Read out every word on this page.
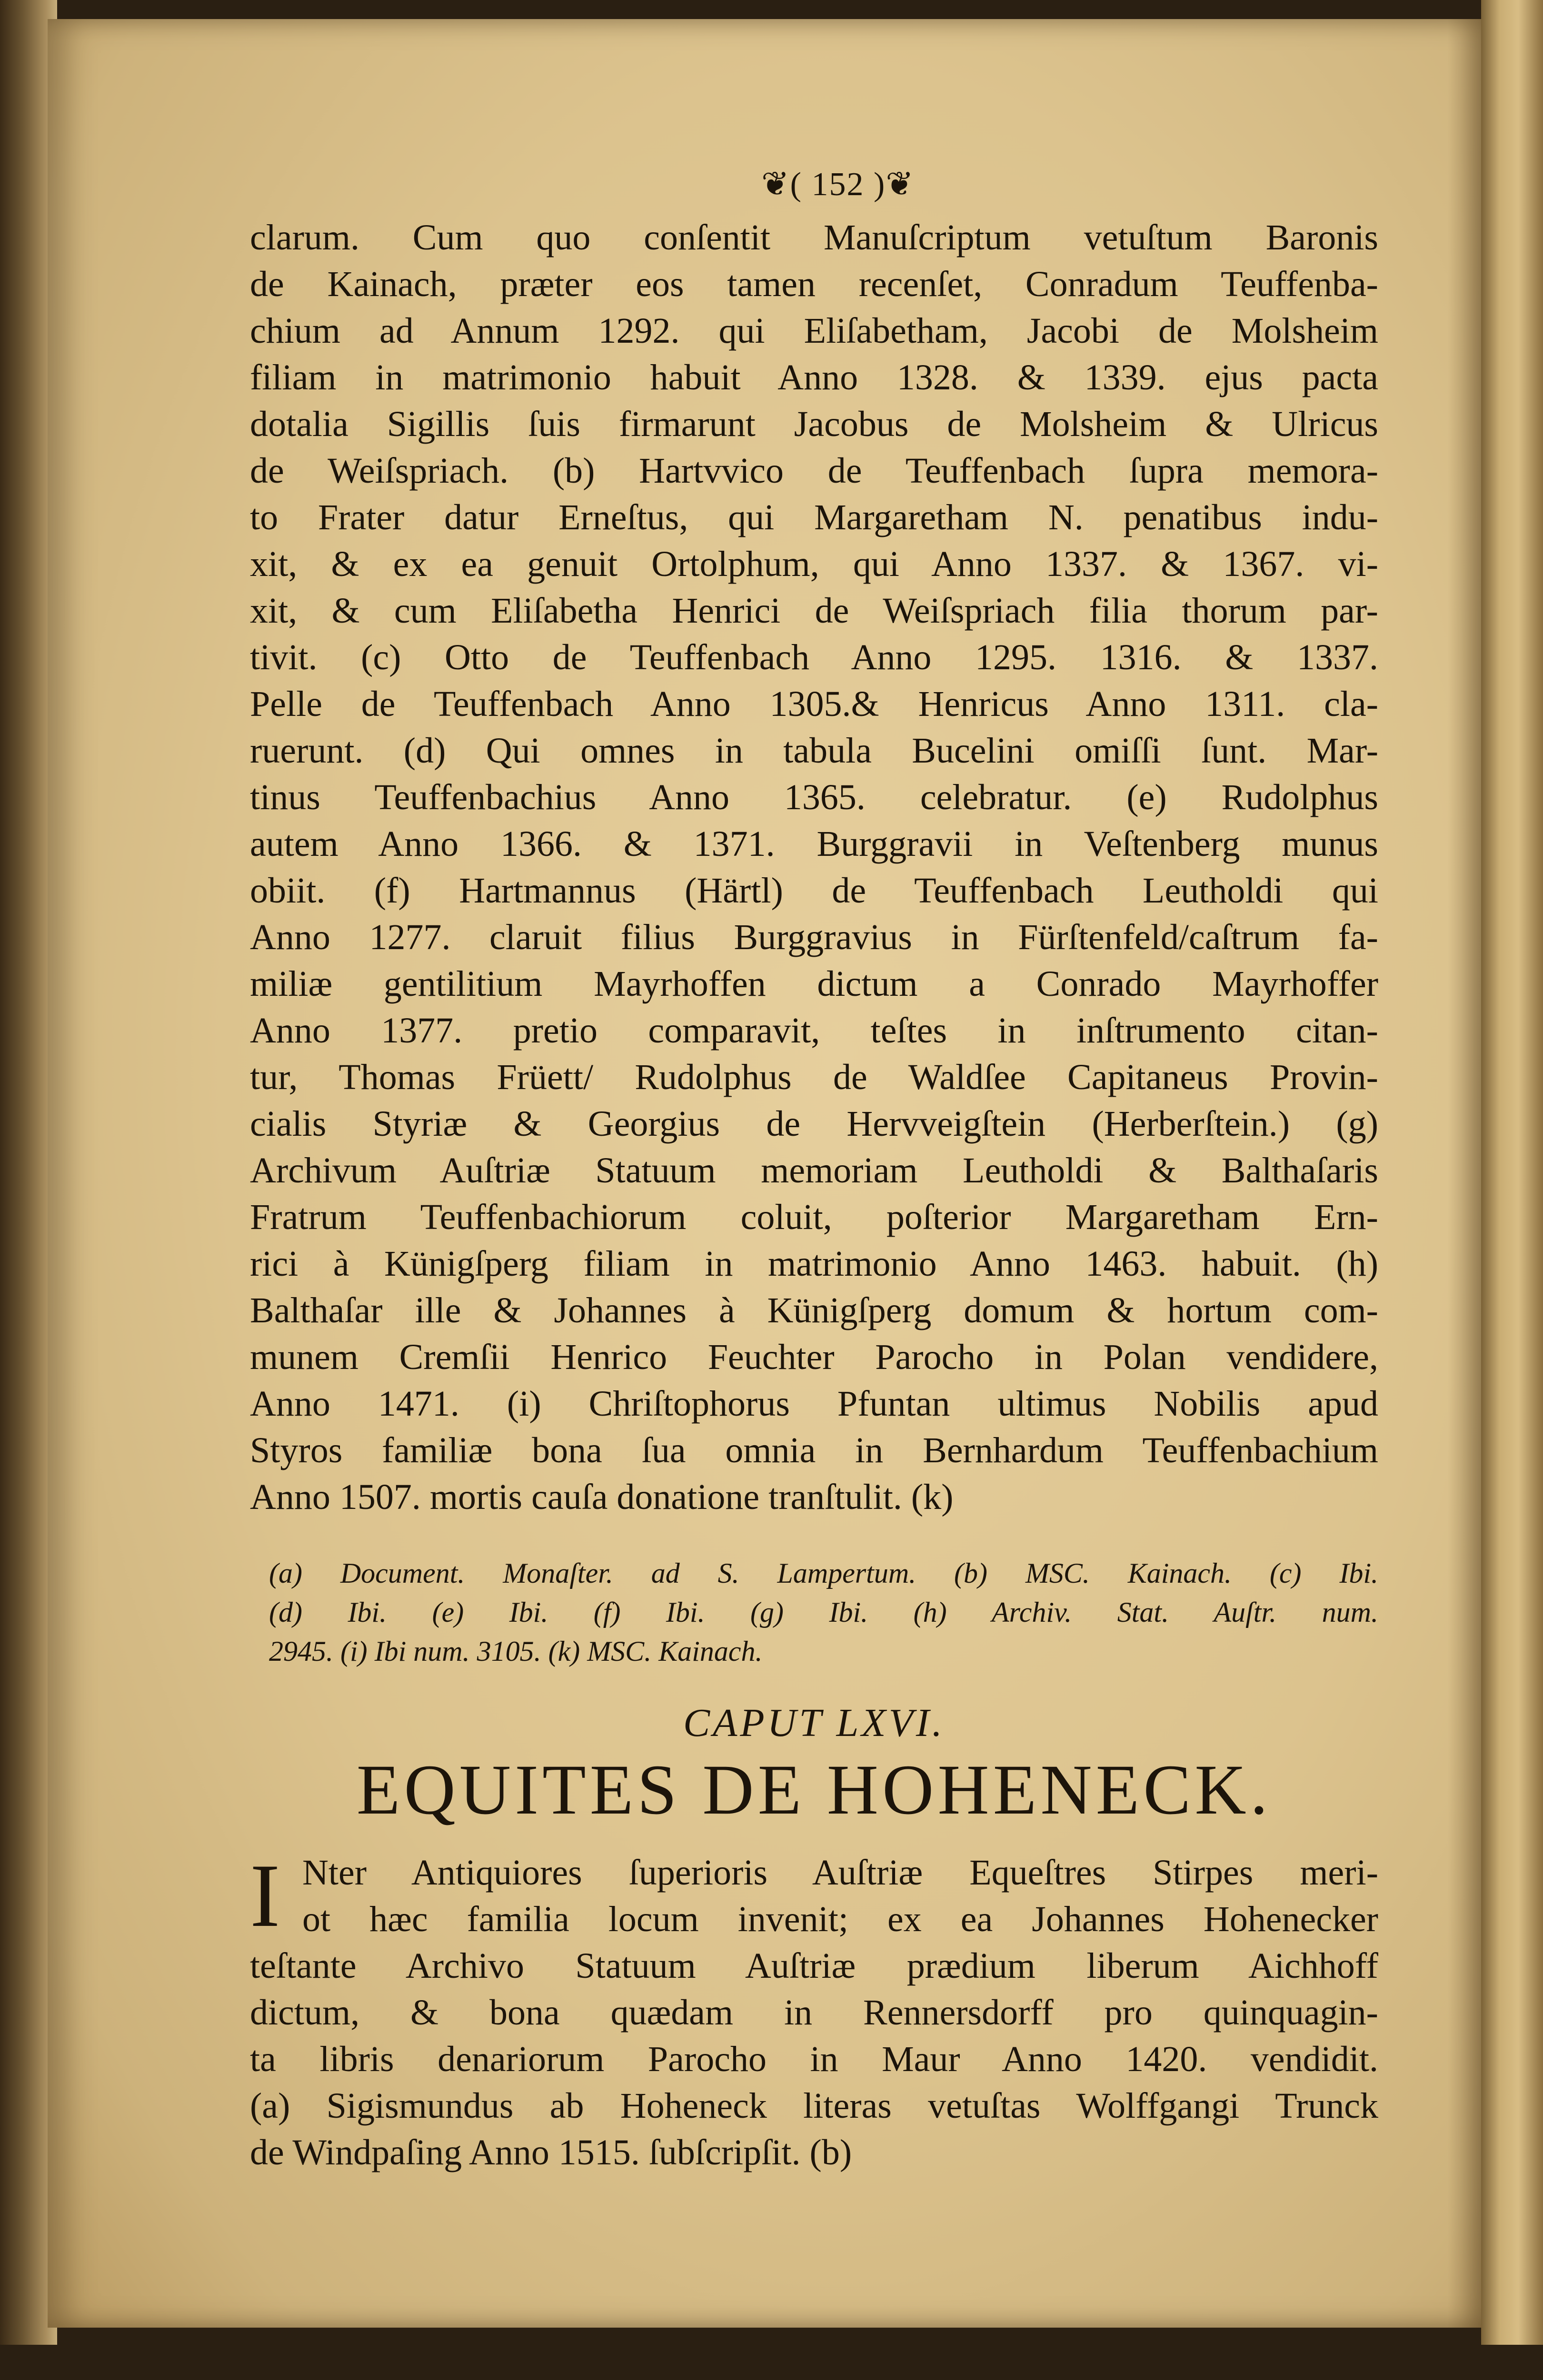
❦( 152 )❦
clarum. Cum quo conſentit Manuſcriptum vetuſtum Baronis
de Kainach, præter eos tamen recenſet, Conradum Teuffenba-
chium ad Annum 1292. qui Eliſabetham, Jacobi de Molsheim
filiam in matrimonio habuit Anno 1328. & 1339. ejus pacta
dotalia Sigillis ſuis firmarunt Jacobus de Molsheim & Ulricus
de Weiſspriach. (b) Hartvvico de Teuffenbach ſupra memora-
to Frater datur Erneſtus, qui Margaretham N. penatibus indu-
xit, & ex ea genuit Ortolphum, qui Anno 1337. & 1367. vi-
xit, & cum Eliſabetha Henrici de Weiſspriach filia thorum par-
tivit. (c) Otto de Teuffenbach Anno 1295. 1316. & 1337.
Pelle de Teuffenbach Anno 1305.& Henricus Anno 1311. cla-
ruerunt. (d) Qui omnes in tabula Bucelini omiſſi ſunt. Mar-
tinus Teuffenbachius Anno 1365. celebratur. (e) Rudolphus
autem Anno 1366. & 1371. Burggravii in Veſtenberg munus
obiit. (f) Hartmannus (Härtl) de Teuffenbach Leutholdi qui
Anno 1277. claruit filius Burggravius in Fürſtenfeld/caſtrum fa-
miliæ gentilitium Mayrhoffen dictum a Conrado Mayrhoffer
Anno 1377. pretio comparavit, teſtes in inſtrumento citan-
tur, Thomas Früett/ Rudolphus de Waldſee Capitaneus Provin-
cialis Styriæ & Georgius de Hervveigſtein (Herberſtein.) (g)
Archivum Auſtriæ Statuum memoriam Leutholdi & Balthaſaris
Fratrum Teuffenbachiorum coluit, poſterior Margaretham Ern-
rici à Künigſperg filiam in matrimonio Anno 1463. habuit. (h)
Balthaſar ille & Johannes à Künigſperg domum & hortum com-
munem Cremſii Henrico Feuchter Parocho in Polan vendidere,
Anno 1471. (i) Chriſtophorus Pfuntan ultimus Nobilis apud
Styros familiæ bona ſua omnia in Bernhardum Teuffenbachium
Anno 1507. mortis cauſa donatione tranſtulit. (k)
(a) Document. Monaſter. ad S. Lampertum. (b) MSC. Kainach. (c) Ibi.
(d) Ibi. (e) Ibi. (f) Ibi. (g) Ibi. (h) Archiv. Stat. Auſtr. num.
2945. (i) Ibi num. 3105. (k) MSC. Kainach.
CAPUT LXVI.
EQUITES DE HOHENECK.
I Nter Antiquiores ſuperioris Auſtriæ Equeſtres Stirpes meri-
ot hæc familia locum invenit; ex ea Johannes Hohenecker
teſtante Archivo Statuum Auſtriæ prædium liberum Aichhoff
dictum, & bona quædam in Rennersdorff pro quinquagin-
ta libris denariorum Parocho in Maur Anno 1420. vendidit.
(a) Sigismundus ab Hoheneck literas vetuſtas Wolffgangi Trunck
de Windpaſing Anno 1515. ſubſcripſit. (b)
